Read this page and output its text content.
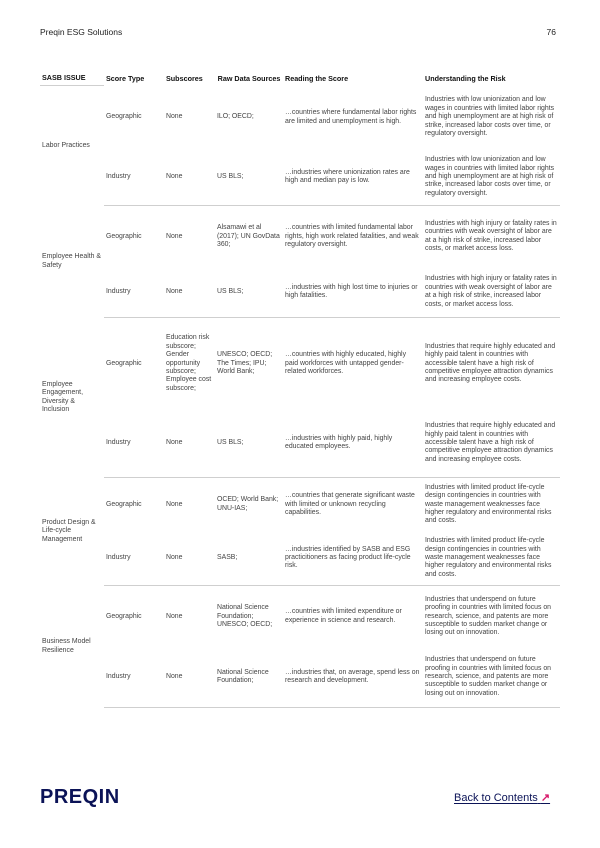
Preqin ESG Solutions	76
SASB ISSUE	Score Type	Subscores	Raw Data Sources	Reading the Score	Understanding the Risk
Labor Practices	Geographic	None	ILO; OECD;	…countries where fundamental labor rights are limited and unemployment is high.	Industries with low unionization and low wages in countries with limited labor rights and high unemployment are at high risk of strike, increased labor costs over time, or regulatory oversight.
	Industry	None	US BLS;	…industries where unionization rates are high and median pay is low.	Industries with low unionization and low wages in countries with limited labor rights and high unemployment are at high risk of strike, increased labor costs over time, or regulatory oversight.
Employee Health & Safety	Geographic	None	Alsamawi et al (2017); UN GovData 360;	…countries with limited fundamental labor rights, high work related fatalities, and weak regulatory oversight.	Industries with high injury or fatality rates in countries with weak oversight of labor are at a high risk of strike, increased labor costs, or market access loss.
	Industry	None	US BLS;	…industries with high lost time to injuries or high fatalities.	Industries with high injury or fatality rates in countries with weak oversight of labor are at a high risk of strike, increased labor costs, or market access loss.
Employee Engagement, Diversity & Inclusion	Geographic	Education risk subscore; Gender opportunity subscore; Employee cost subscore;	UNESCO; OECD; The Times; IPU; World Bank;	…countries with highly educated, highly paid workforces with untapped gender-related workforces.	Industries that require highly educated and highly paid talent in countries with accessible talent have a high risk of competitive employee attraction dynamics and increasing employee costs.
	Industry	None	US BLS;	…industries with highly paid, highly educated employees.	Industries that require highly educated and highly paid talent in countries with accessible talent have a high risk of competitive employee attraction dynamics and increasing employee costs.
Product Design & Life-cycle Management	Geographic	None	OCED; World Bank; UNU-IAS;	…countries that generate significant waste with limited or unknown recycling capabilities.	Industries with limited product life-cycle design contingencies in countries with waste management weaknesses face higher regulatory and environmental risks and costs.
	Industry	None	SASB;	…industries identified by SASB and ESG practicitioners as facing product life-cycle risk.	Industries with limited product life-cycle design contingencies in countries with waste management weaknesses face higher regulatory and environmental risks and costs.
Business Model Resilience	Geographic	None	National Science Foundation; UNESCO; OECD;	…countries with limited expenditure or experience in science and research.	Industries that underspend on future proofing in countries with limited focus on research, science, and patents are more susceptible to sudden market change or losing out on innovation.
	Industry	None	National Science Foundation;	…industries that, on average, spend less on research and development.	Industries that underspend on future proofing in countries with limited focus on research, science, and patents are more susceptible to sudden market change or losing out on innovation.
PREQIN	Back to Contents ↗
